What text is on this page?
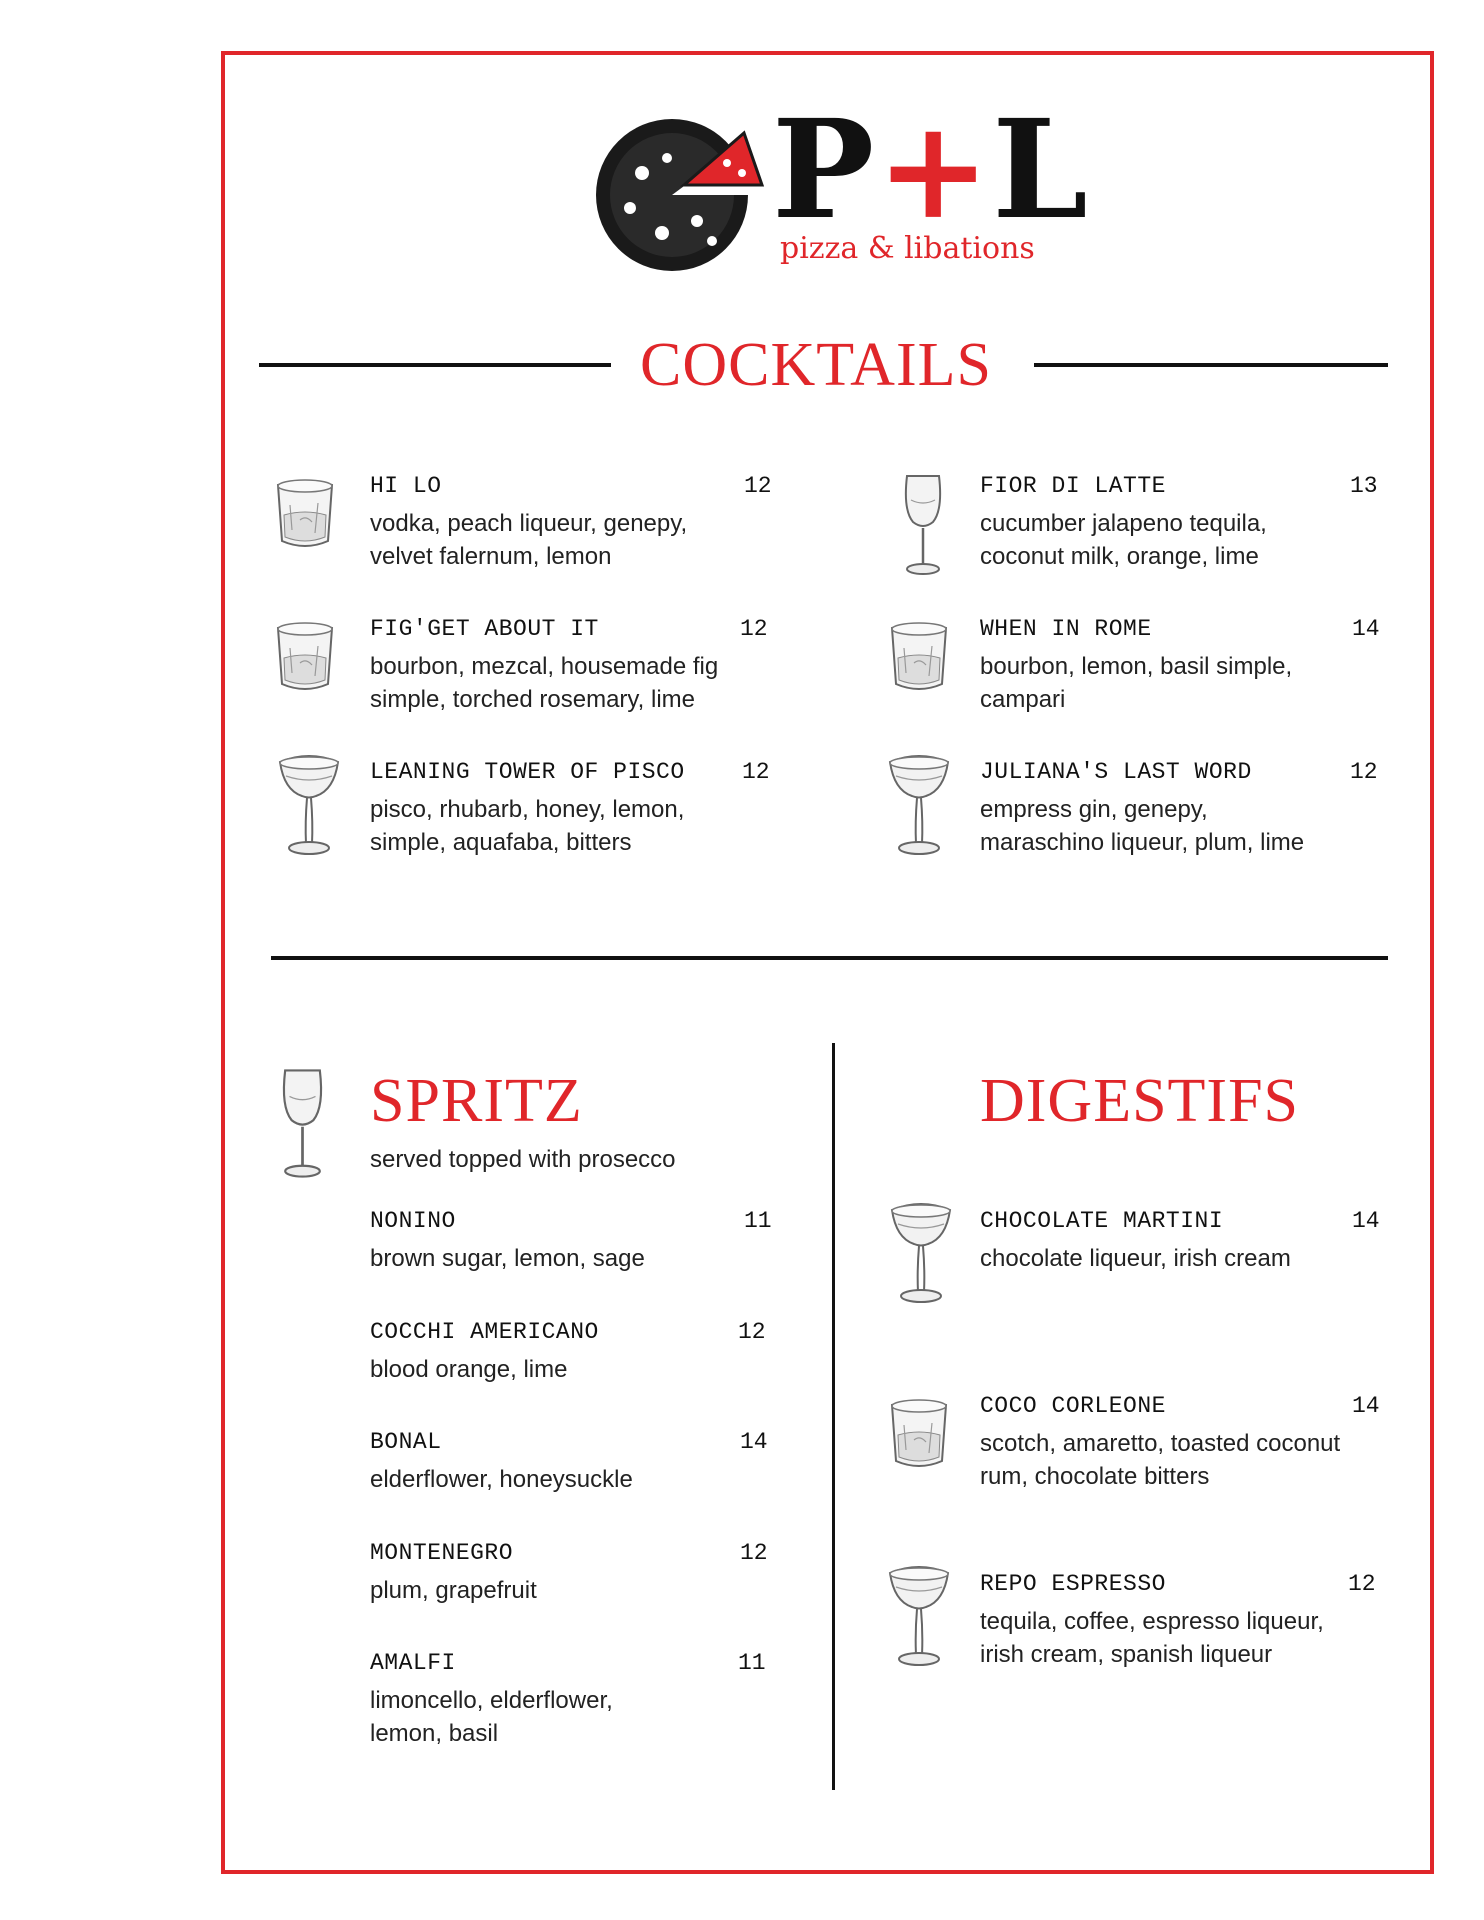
P+L
pizza & libations
COCKTAILS
HI LO	12
vodka, peach liqueur, genepy,
velvet falernum, lemon
FIOR DI LATTE	13
cucumber jalapeno tequila,
coconut milk, orange, lime
FIG'GET ABOUT IT	12
bourbon, mezcal, housemade fig
simple, torched rosemary, lime
WHEN IN ROME	14
bourbon, lemon, basil simple,
campari
LEANING TOWER OF PISCO	12
pisco, rhubarb, honey, lemon,
simple, aquafaba, bitters
JULIANA'S LAST WORD	12
empress gin, genepy,
maraschino liqueur, plum, lime
SPRITZ
served topped with prosecco
NONINO	11
brown sugar, lemon, sage
COCCHI AMERICANO	12
blood orange, lime
BONAL	14
elderflower, honeysuckle
MONTENEGRO	12
plum, grapefruit
AMALFI	11
limoncello, elderflower,
lemon, basil
DIGESTIFS
CHOCOLATE MARTINI	14
chocolate liqueur, irish cream
COCO CORLEONE	14
scotch, amaretto, toasted coconut
rum, chocolate bitters
REPO ESPRESSO	12
tequila, coffee, espresso liqueur,
irish cream, spanish liqueur
